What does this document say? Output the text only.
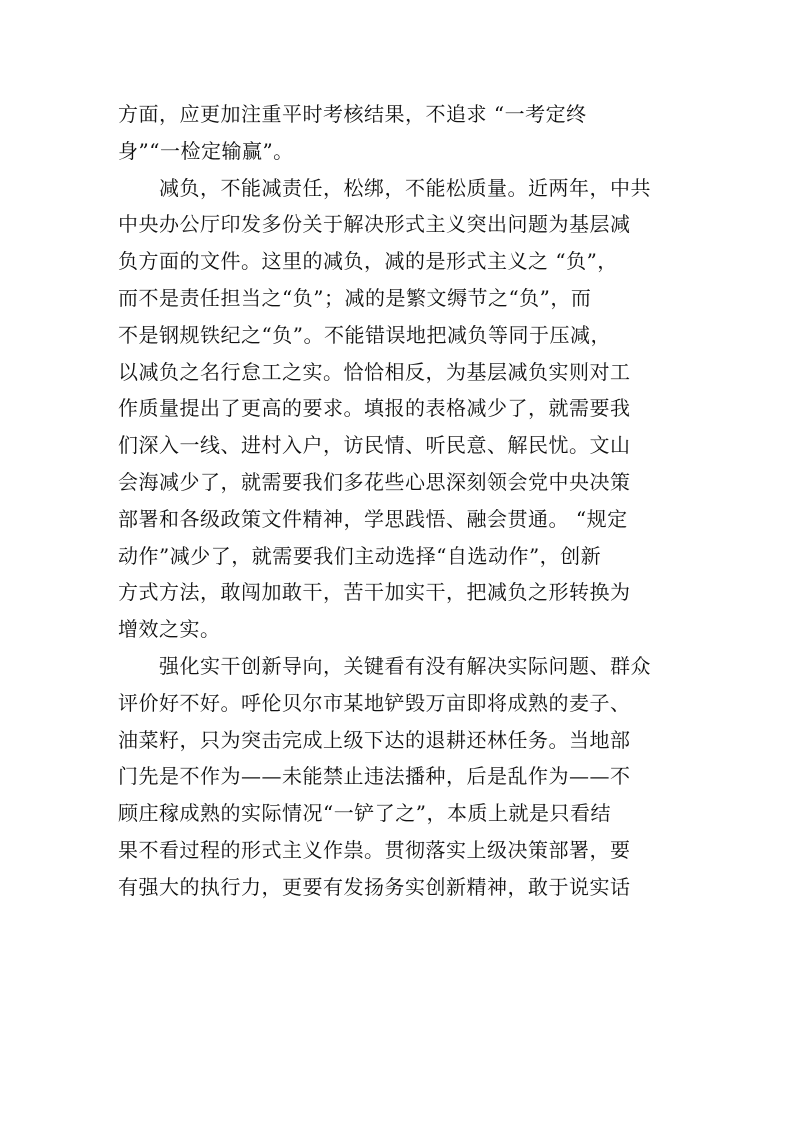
方面，应更加注重平时考核结果，不追求 “一考定终
身”“一检定输赢”。
　　减负，不能减责任，松绑，不能松质量。近两年，中共
中央办公厅印发多份关于解决形式主义突出问题为基层减
负方面的文件。这里的减负，减的是形式主义之 “负”，
而不是责任担当之“负”；减的是繁文缛节之“负”，而
不是钢规铁纪之“负”。不能错误地把减负等同于压减，
以减负之名行怠工之实。恰恰相反，为基层减负实则对工
作质量提出了更高的要求。填报的表格减少了，就需要我
们深入一线、进村入户，访民情、听民意、解民忧。文山
会海减少了，就需要我们多花些心思深刻领会党中央决策
部署和各级政策文件精神，学思践悟、融会贯通。 “规定
动作”减少了，就需要我们主动选择“自选动作”，创新
方式方法，敢闯加敢干，苦干加实干，把减负之形转换为
增效之实。
　　强化实干创新导向，关键看有没有解决实际问题、群众
评价好不好。呼伦贝尔市某地铲毁万亩即将成熟的麦子、
油菜籽，只为突击完成上级下达的退耕还林任务。当地部
门先是不作为——未能禁止违法播种，后是乱作为——不
顾庄稼成熟的实际情况“一铲了之”，本质上就是只看结
果不看过程的形式主义作祟。贯彻落实上级决策部署，要
有强大的执行力，更要有发扬务实创新精神，敢于说实话
